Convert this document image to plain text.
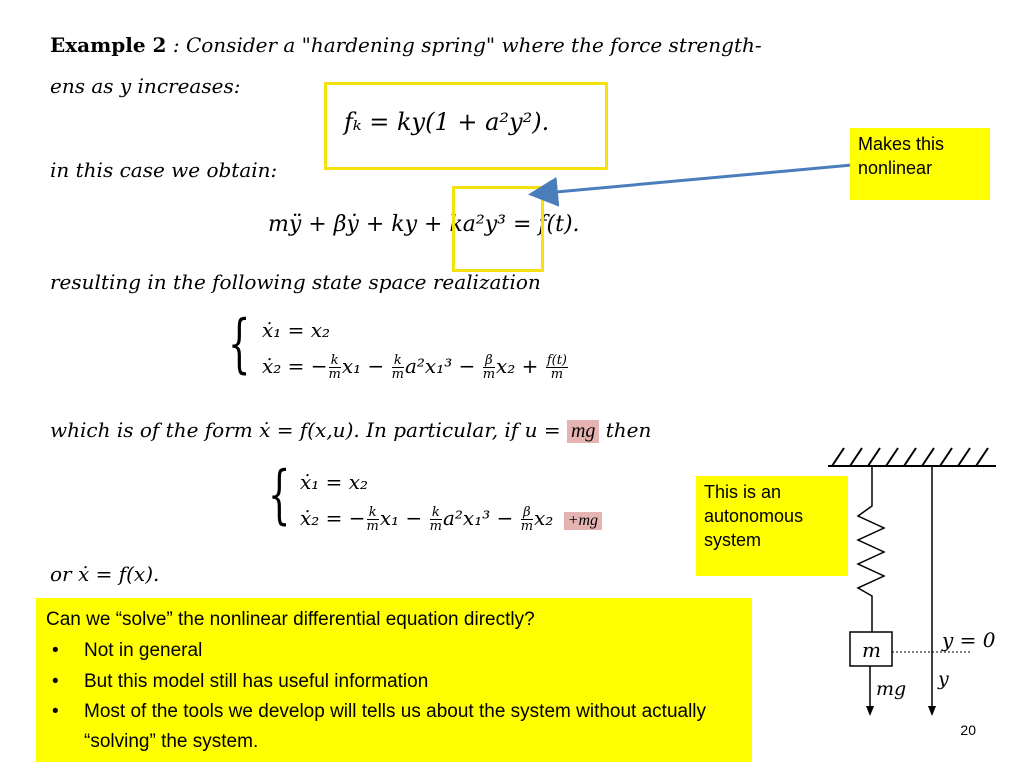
Example 2 : Consider a "hardening spring" where the force strength-
ens as y increases:
fₖ = ky(1 + a²y²).
in this case we obtain:
mÿ + βẏ + ky + ka²y³ = f(t).
Makes this
nonlinear
resulting in the following state space realization
{ ẋ₁ = x₂
ẋ₂ = − $\frac{k}{m} x_1 - \frac{k}{m} a^2x_1^3 - \frac{\beta}{m} x_2 + \frac{f(t)}{m}$
which is of the form ẋ = f(x,u). In particular, if u = mg then
{ ẋ₁ = x₂
ẋ₂ = − $\frac{k}{m} x_1 - \frac{k}{m} a^2x_1^3 - \frac{\beta}{m} x_2 +mg$
or ẋ = f(x).
This is an
autonomous
system
Can we “solve” the nonlinear differential equation directly?
• Not in general
• But this model still has useful information
• Most of the tools we develop will tells us about the system without actually “solving” the system.
m
mg y
y = 0
20
